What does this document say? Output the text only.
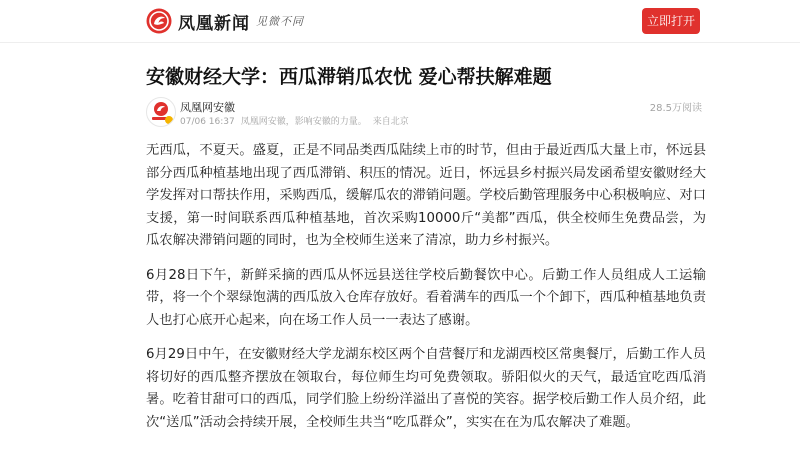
凤凰新闻 见微不同	立即打开
安徽财经大学：西瓜滞销瓜农忧 爱心帮扶解难题
凤凰网安徽
07/06 16:37 凤凰网安徽，影响安徽的力量。 来自北京
28.5万阅读

无西瓜，不夏天。盛夏，正是不同品类西瓜陆续上市的时节，但由于最近西瓜大量上市，怀远县部分西瓜种植基地出现了西瓜滞销、积压的情况。近日，怀远县乡村振兴局发函希望安徽财经大学发挥对口帮扶作用，采购西瓜，缓解瓜农的滞销问题。学校后勤管理服务中心积极响应、对口支援，第一时间联系西瓜种植基地，首次采购10000斤“美都”西瓜，供全校师生免费品尝，为瓜农解决滞销问题的同时，也为全校师生送来了清凉，助力乡村振兴。

6月28日下午，新鲜采摘的西瓜从怀远县送往学校后勤餐饮中心。后勤工作人员组成人工运输带，将一个个翠绿饱满的西瓜放入仓库存放好。看着满车的西瓜一个个卸下，西瓜种植基地负责人也打心底开心起来，向在场工作人员一一表达了感谢。

6月29日中午，在安徽财经大学龙湖东校区两个自营餐厅和龙湖西校区常奥餐厅，后勤工作人员将切好的西瓜整齐摆放在领取台，每位师生均可免费领取。骄阳似火的天气，最适宜吃西瓜消暑。吃着甘甜可口的西瓜，同学们脸上纷纷洋溢出了喜悦的笑容。据学校后勤工作人员介绍，此次“送瓜”活动会持续开展，全校师生共当“吃瓜群众”，实实在在为瓜农解决了难题。
